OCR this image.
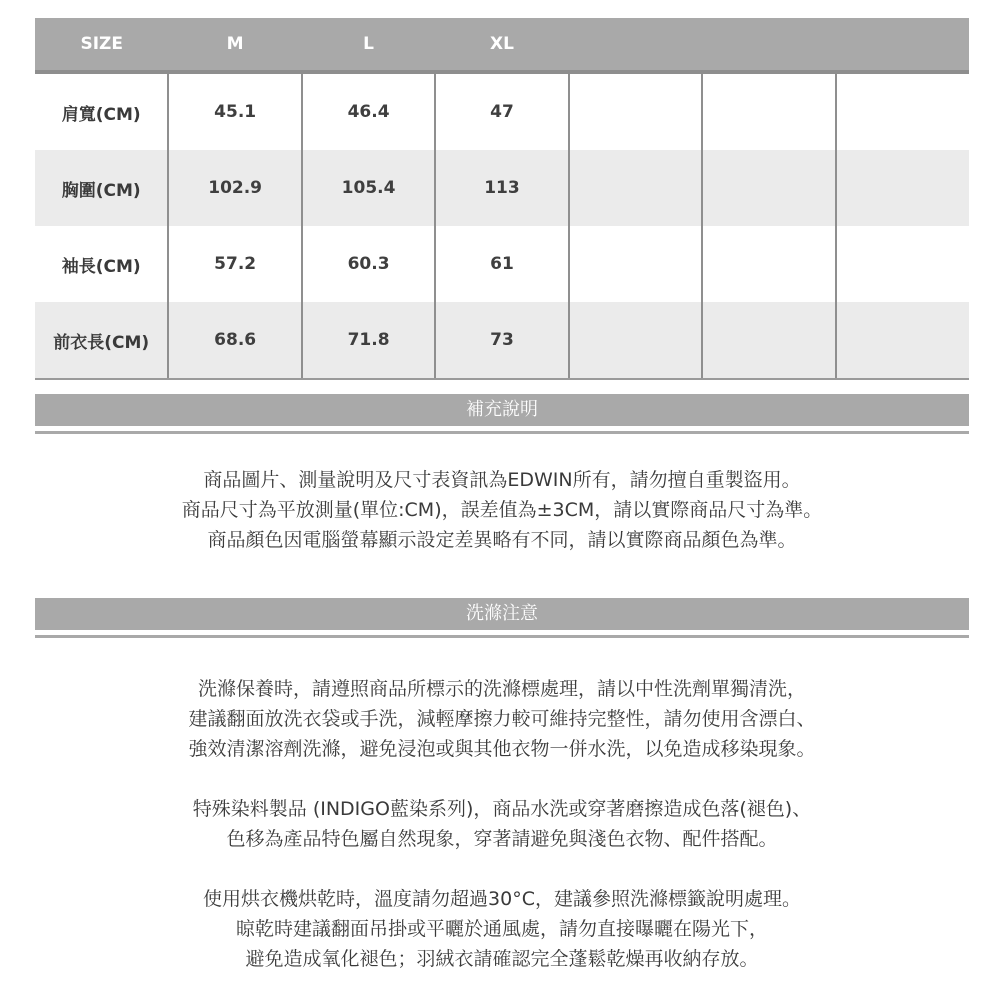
SIZE	M	L	XL			
肩寬(CM)	45.1	46.4	47			
胸圍(CM)	102.9	105.4	113			
袖長(CM)	57.2	60.3	61			
前衣長(CM)	68.6	71.8	73			
補充說明
商品圖片、測量說明及尺寸表資訊為EDWIN所有，請勿擅自重製盜用。
商品尺寸為平放測量(單位:CM)，誤差值為±3CM，請以實際商品尺寸為準。
商品顏色因電腦螢幕顯示設定差異略有不同，請以實際商品顏色為準。
洗滌注意
洗滌保養時，請遵照商品所標示的洗滌標處理，請以中性洗劑單獨清洗，
建議翻面放洗衣袋或手洗，減輕摩擦力較可維持完整性，請勿使用含漂白、
強效清潔溶劑洗滌，避免浸泡或與其他衣物一併水洗，以免造成移染現象。
特殊染料製品 (INDIGO藍染系列)，商品水洗或穿著磨擦造成色落(褪色)、
色移為產品特色屬自然現象，穿著請避免與淺色衣物、配件搭配。
使用烘衣機烘乾時，溫度請勿超過30°C，建議參照洗滌標籤說明處理。
晾乾時建議翻面吊掛或平曬於通風處，請勿直接曝曬在陽光下，
避免造成氧化褪色；羽絨衣請確認完全蓬鬆乾燥再收納存放。
